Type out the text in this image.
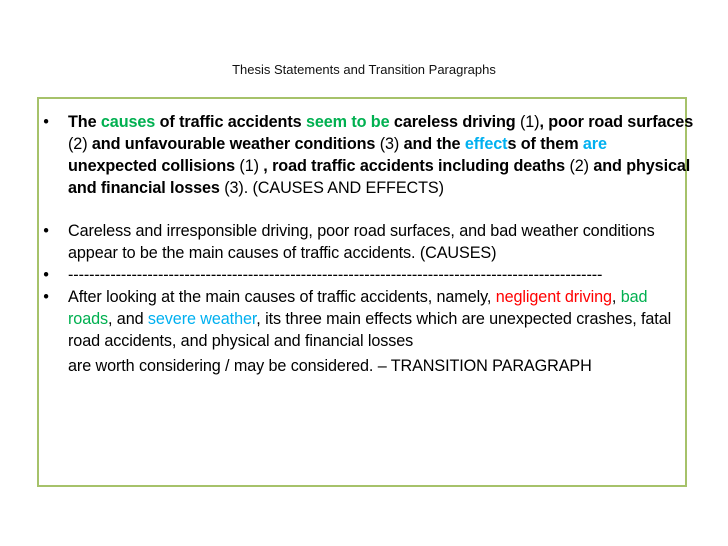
Thesis Statements and Transition Paragraphs
•	The causes of traffic accidents seem to be careless driving (1), poor road surfaces (2) and unfavourable weather conditions (3) and the effects of them are unexpected collisions (1) , road traffic accidents including deaths (2) and physical and financial losses (3). (CAUSES AND EFFECTS)
•	Careless and irresponsible driving, poor road surfaces, and bad weather conditions appear to be the main causes of traffic accidents. (CAUSES)
•	-----------------------------------------------------------------------------------------------------
•	After looking at the main causes of traffic accidents, namely, negligent driving, bad roads, and severe weather, its three main effects which are unexpected crashes, fatal road accidents, and physical and financial losses
are worth considering / may be considered. – TRANSITION PARAGRAPH
